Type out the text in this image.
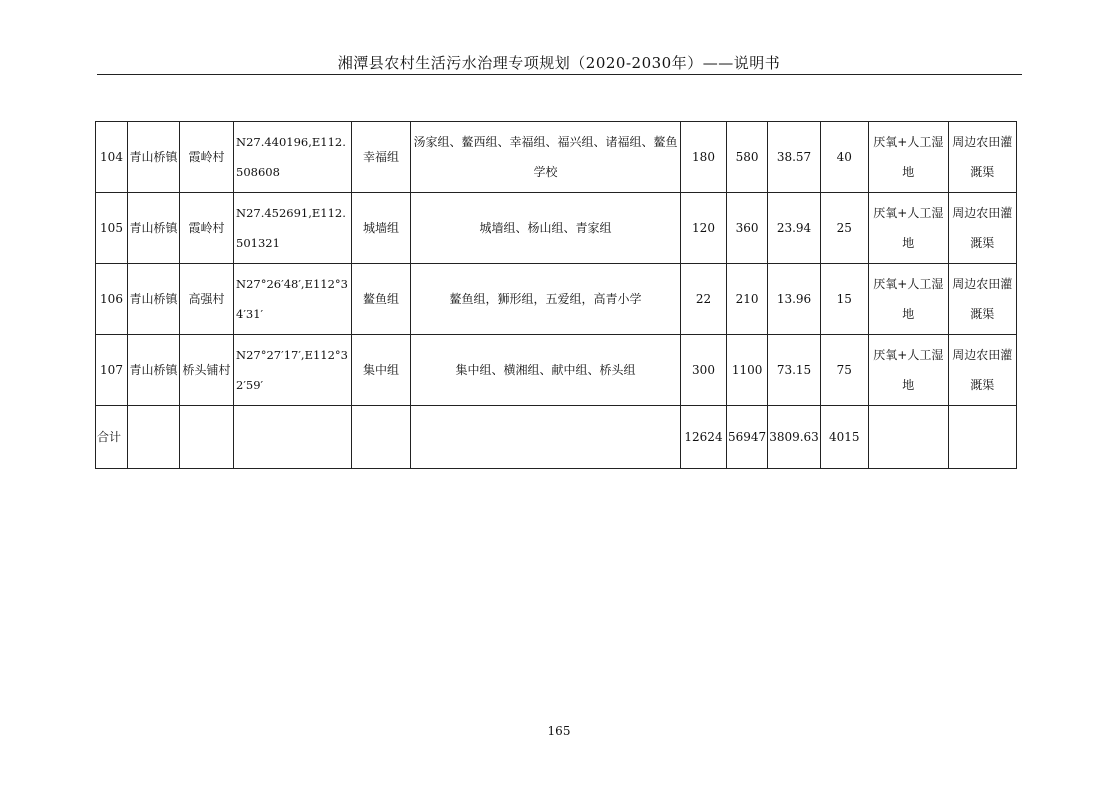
湘潭县农村生活污水治理专项规划（2020-2030年）——说明书
104	青山桥镇	霞岭村	N27.440196,E112.508608	幸福组	汤家组、鳌西组、幸福组、福兴组、诸福组、鳌鱼学校	180	580	38.57	40	厌氧+人工湿地	周边农田灌溉渠
105	青山桥镇	霞岭村	N27.452691,E112.501321	城墙组	城墙组、杨山组、青家组	120	360	23.94	25	厌氧+人工湿地	周边农田灌溉渠
106	青山桥镇	高强村	N27°26′48′,E112°34′31′	鳌鱼组	鳌鱼组，狮形组，五爱组，高青小学	22	210	13.96	15	厌氧+人工湿地	周边农田灌溉渠
107	青山桥镇	桥头铺村	N27°27′17′,E112°32′59′	集中组	集中组、横湘组、献中组、桥头组	300	1100	73.15	75	厌氧+人工湿地	周边农田灌溉渠
合计						12624	56947	3809.63	4015		
165
